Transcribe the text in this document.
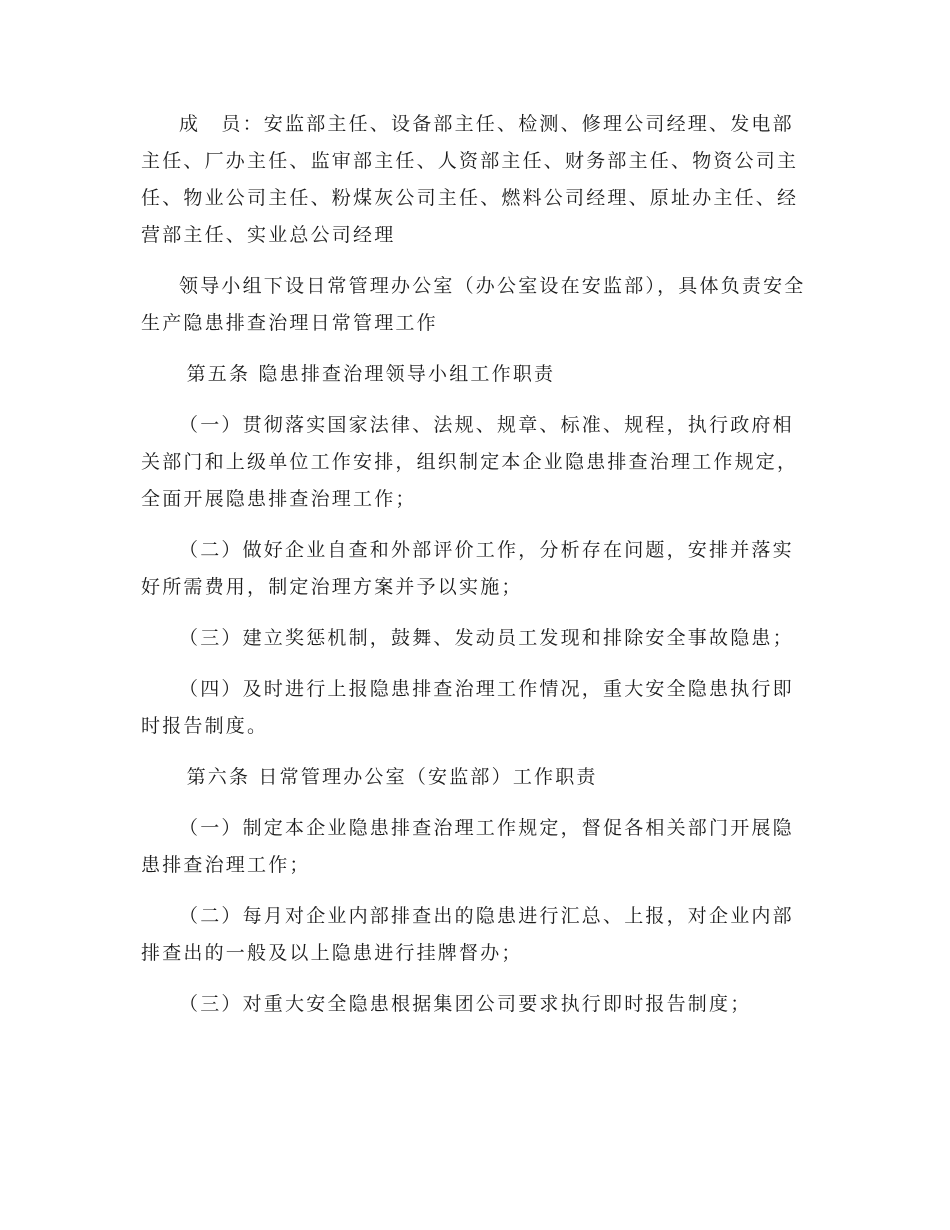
成　员：安监部主任、设备部主任、检测、修理公司经理、发电部主任、厂办主任、监审部主任、人资部主任、财务部主任、物资公司主任、物业公司主任、粉煤灰公司主任、燃料公司经理、原址办主任、经营部主任、实业总公司经理

领导小组下设日常管理办公室（办公室设在安监部），具体负责安全生产隐患排查治理日常管理工作

第五条 隐患排查治理领导小组工作职责

（一）贯彻落实国家法律、法规、规章、标准、规程，执行政府相关部门和上级单位工作安排，组织制定本企业隐患排查治理工作规定，全面开展隐患排查治理工作；

（二）做好企业自查和外部评价工作，分析存在问题，安排并落实好所需费用，制定治理方案并予以实施；

（三）建立奖惩机制，鼓舞、发动员工发现和排除安全事故隐患；

（四）及时进行上报隐患排查治理工作情况，重大安全隐患执行即时报告制度。

第六条 日常管理办公室（安监部）工作职责

（一）制定本企业隐患排查治理工作规定，督促各相关部门开展隐患排查治理工作；

（二）每月对企业内部排查出的隐患进行汇总、上报，对企业内部排查出的一般及以上隐患进行挂牌督办；

（三）对重大安全隐患根据集团公司要求执行即时报告制度；
